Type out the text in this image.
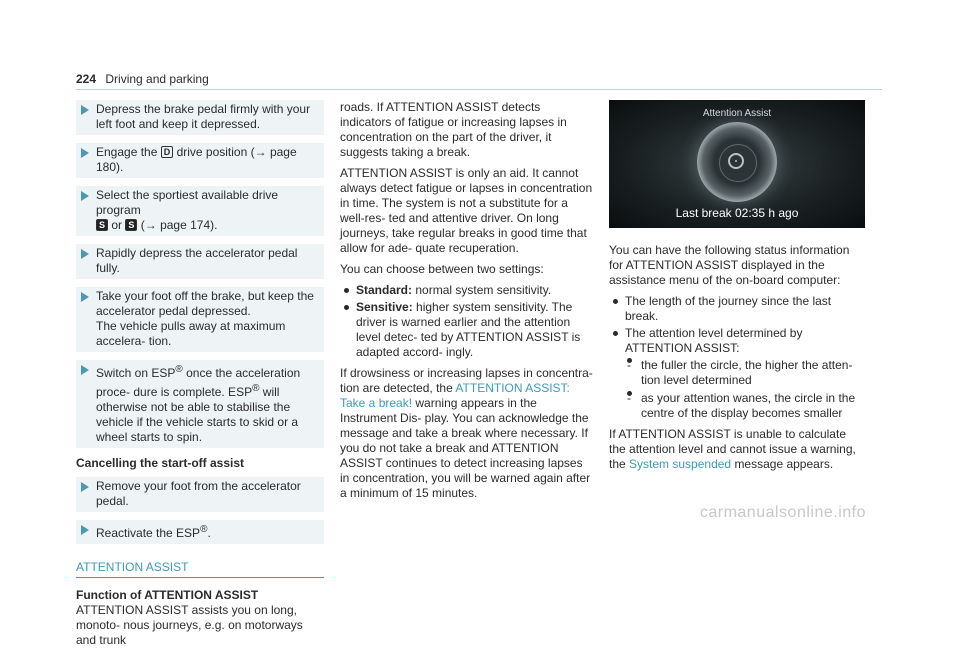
224 Driving and parking
Depress the brake pedal firmly with your left foot and keep it depressed.
Engage the D drive position (→ page 180).
Select the sportiest available drive program
S or S (→ page 174).
Rapidly depress the accelerator pedal fully.
Take your foot off the brake, but keep the accelerator pedal depressed.
The vehicle pulls away at maximum accelera- tion.
Switch on ESP® once the acceleration proce- dure is complete. ESP® will otherwise not be able to stabilise the vehicle if the vehicle starts to skid or a wheel starts to spin.
Cancelling the start-off assist
Remove your foot from the accelerator pedal.
Reactivate the ESP®.
ATTENTION ASSIST
Function of ATTENTION ASSIST

ATTENTION ASSIST assists you on long, monoto- nous journeys, e.g. on motorways and trunk

roads. If ATTENTION ASSIST detects indicators of fatigue or increasing lapses in concentration on the part of the driver, it suggests taking a break.

ATTENTION ASSIST is only an aid. It cannot always detect fatigue or lapses in concentration in time. The system is not a substitute for a well-res- ted and attentive driver. On long journeys, take regular breaks in good time that allow for ade- quate recuperation.

You can choose between two settings:

Standard: normal system sensitivity.
Sensitive: higher system sensitivity. The driver is warned earlier and the attention level detec- ted by ATTENTION ASSIST is adapted accord- ingly.

If drowsiness or increasing lapses in concentra- tion are detected, the ATTENTION ASSIST: Take a break! warning appears in the Instrument Dis- play. You can acknowledge the message and take a break where necessary. If you do not take a break and ATTENTION ASSIST continues to detect increasing lapses in concentration, you will be warned again after a minimum of 15 minutes.

Attention Assist
Last break 02:35 h ago

You can have the following status information for ATTENTION ASSIST displayed in the assistance menu of the on-board computer:

The length of the journey since the last break.
The attention level determined by ATTENTION ASSIST:
- the fuller the circle, the higher the atten- tion level determined
- as your attention wanes, the circle in the centre of the display becomes smaller

If ATTENTION ASSIST is unable to calculate the attention level and cannot issue a warning, the System suspended message appears.

carmanualsonline.info
